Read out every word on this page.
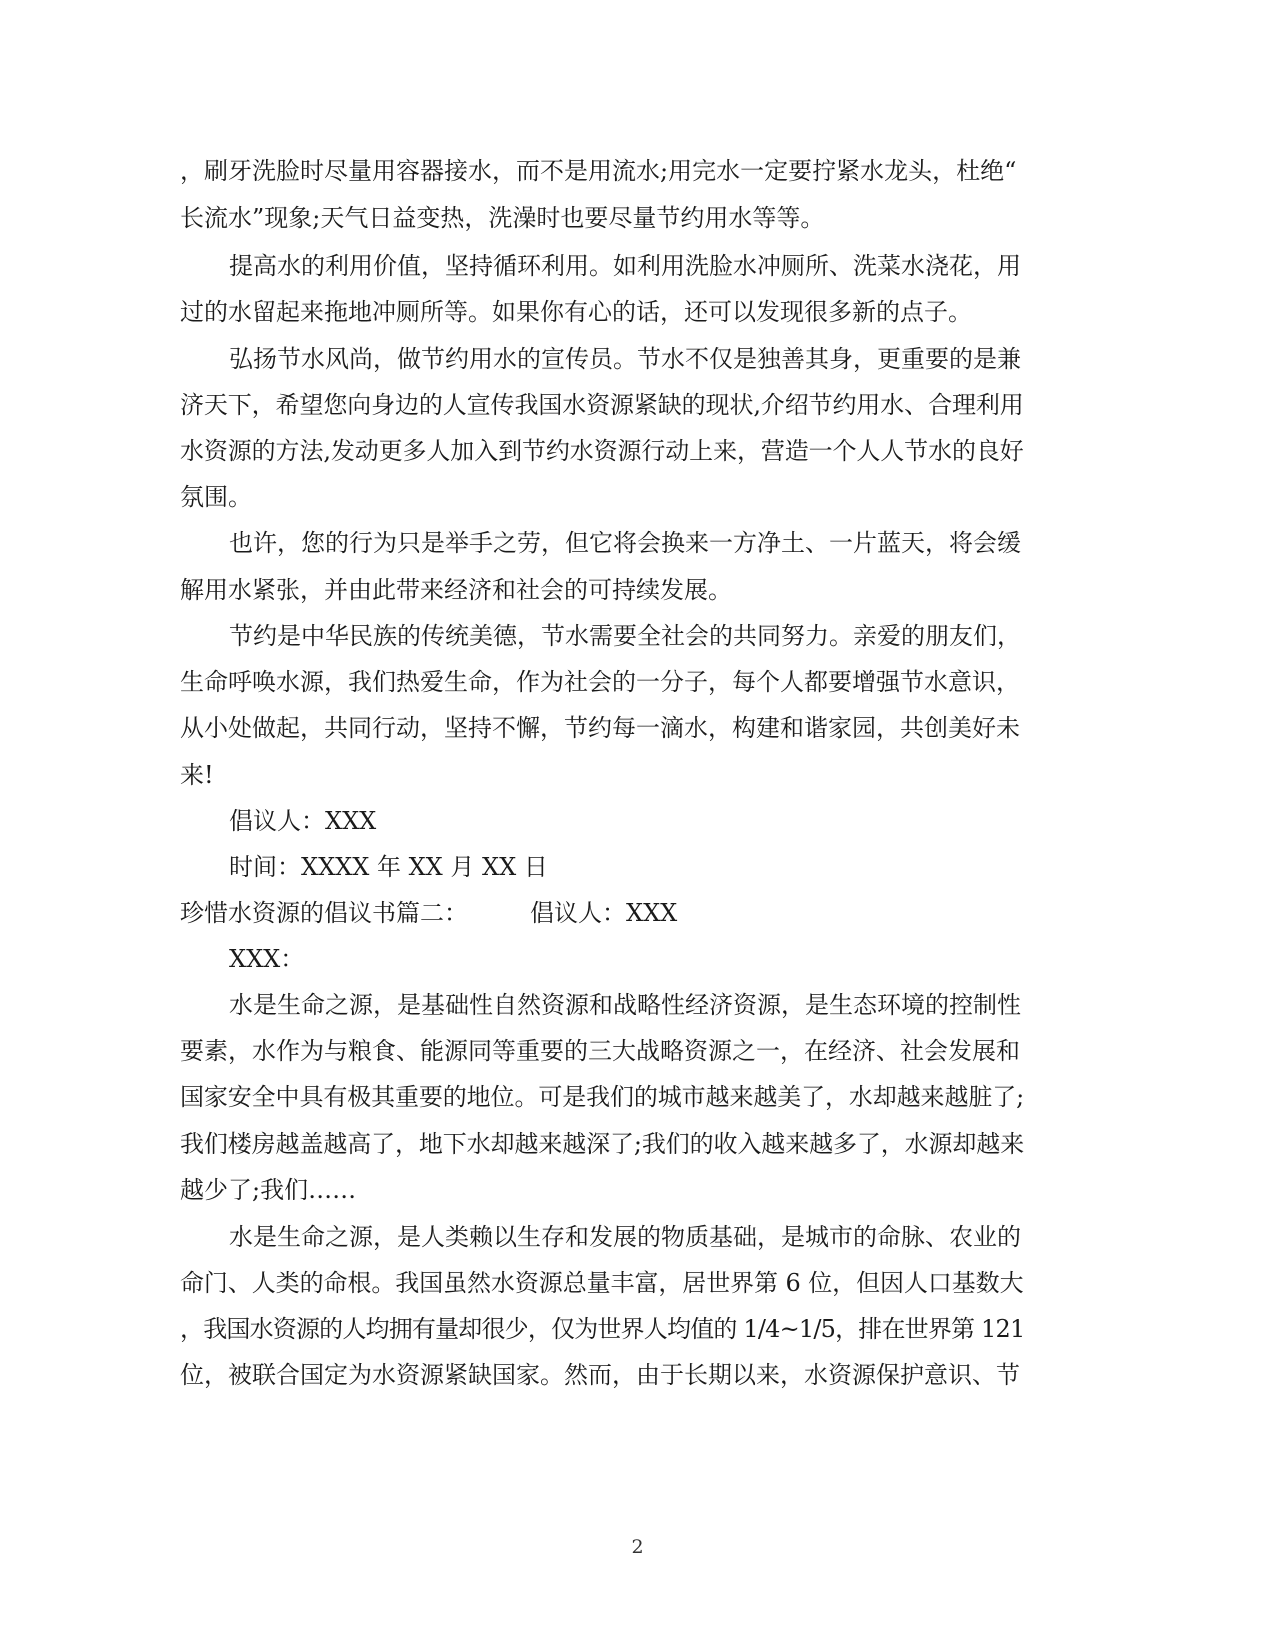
，刷牙洗脸时尽量用容器接水，而不是用流水;用完水一定要拧紧水龙头，杜绝“

长流水”现象;天气日益变热，洗澡时也要尽量节约用水等等。

提高水的利用价值，坚持循环利用。如利用洗脸水冲厕所、洗菜水浇花，用

过的水留起来拖地冲厕所等。如果你有心的话，还可以发现很多新的点子。

弘扬节水风尚，做节约用水的宣传员。节水不仅是独善其身，更重要的是兼

济天下，希望您向身边的人宣传我国水资源紧缺的现状,介绍节约用水、合理利用

水资源的方法,发动更多人加入到节约水资源行动上来，营造一个人人节水的良好

氛围。

也许，您的行为只是举手之劳，但它将会换来一方净土、一片蓝天，将会缓

解用水紧张，并由此带来经济和社会的可持续发展。

节约是中华民族的传统美德，节水需要全社会的共同努力。亲爱的朋友们，

生命呼唤水源，我们热爱生命，作为社会的一分子，每个人都要增强节水意识，

从小处做起，共同行动，坚持不懈，节约每一滴水，构建和谐家园，共创美好未

来!

倡议人：XXX

时间：XXXX 年 XX 月 XX 日

珍惜水资源的倡议书篇二：	倡议人：XXX

XXX：

水是生命之源，是基础性自然资源和战略性经济资源，是生态环境的控制性

要素，水作为与粮食、能源同等重要的三大战略资源之一，在经济、社会发展和

国家安全中具有极其重要的地位。可是我们的城市越来越美了，水却越来越脏了;

我们楼房越盖越高了，地下水却越来越深了;我们的收入越来越多了，水源却越来

越少了;我们……

水是生命之源，是人类赖以生存和发展的物质基础，是城市的命脉、农业的

命门、人类的命根。我国虽然水资源总量丰富，居世界第 6 位，但因人口基数大

，我国水资源的人均拥有量却很少，仅为世界人均值的 1/4~1/5，排在世界第 121

位，被联合国定为水资源紧缺国家。然而，由于长期以来，水资源保护意识、节

2
